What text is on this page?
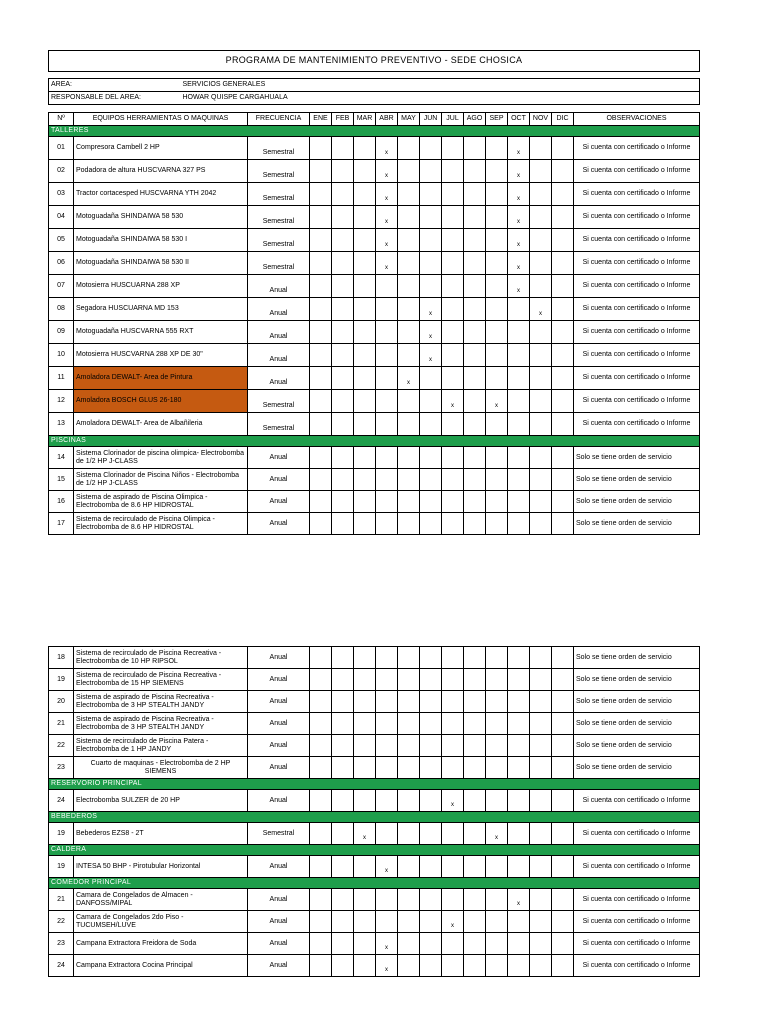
PROGRAMA DE MANTENIMIENTO PREVENTIVO - SEDE CHOSICA
AREA:	SERVICIOS GENERALES
RESPONSABLE DEL AREA:	HOWAR QUISPE CARGAHUALA
Nº	EQUIPOS HERRAMIENTAS O MAQUINAS	FRECUENCIA	ENE	FEB	MAR	ABR	MAY	JUN	JUL	AGO	SEP	OCT	NOV	DIC	OBSERVACIONES
TALLERES															
01	Compresora Cambell 2 HP	Semestral				x						x			Si cuenta con certificado o Informe
02	Podadora de altura HUSCVARNA 327 PS	Semestral				x						x			Si cuenta con certificado o Informe
03	Tractor cortacesped HUSCVARNA YTH 2042	Semestral				x						x			Si cuenta con certificado o Informe
04	Motoguadaña SHINDAIWA 58 530	Semestral				x						x			Si cuenta con certificado o Informe
05	Motoguadaña SHINDAIWA 58 530 I	Semestral				x						x			Si cuenta con certificado o Informe
06	Motoguadaña SHINDAIWA 58 530 II	Semestral				x						x			Si cuenta con certificado o Informe
07	Motosierra HUSCUARNA 288 XP	Anual										x			Si cuenta con certificado o Informe
08	Segadora HUSCUARNA MD 153	Anual						x					x		Si cuenta con certificado o Informe
09	Motoguadaña HUSCVARNA 555 RXT	Anual						x							Si cuenta con certificado o Informe
10	Motosierra HUSCVARNA 288 XP DE 30"	Anual						x							Si cuenta con certificado o Informe
11	Amoladora DEWALT- Area de Pintura	Anual					x								Si cuenta con certificado o Informe
12	Amoladora BOSCH GLUS 26-180	Semestral							x		x				Si cuenta con certificado o Informe
13	Amoladora DEWALT- Area de Albañileria	Semestral													Si cuenta con certificado o Informe
PISCINAS															
14	Sistema Clorinador de piscina olimpica- Electrobomba de 1/2 HP J-CLASS	Anual													Solo se tiene orden de servicio
15	Sistema Clorinador de Piscina Niños - Electrobomba de 1/2 HP J-CLASS	Anual													Solo se tiene orden de servicio
16	Sistema de aspirado de Piscina Olimpica - Electrobomba de 8.6 HP HIDROSTAL	Anual													Solo se tiene orden de servicio
17	Sistema de recirculado de Piscina Olimpica - Electrobomba de 8.6 HP HIDROSTAL	Anual													Solo se tiene orden de servicio
18	Sistema de recirculado de Piscina Recreativa - Electrobomba de 10 HP RIPSOL	Anual													Solo se tiene orden de servicio
19	Sistema de recirculado de Piscina Recreativa - Electrobomba de 15 HP SIEMENS	Anual													Solo se tiene orden de servicio
20	Sistema de aspirado de Piscina Recreativa - Electrobomba de 3 HP STEALTH JANDY	Anual													Solo se tiene orden de servicio
21	Sistema de aspirado de Piscina Recreativa - Electrobomba de 3 HP STEALTH JANDY	Anual													Solo se tiene orden de servicio
22	Sistema de recirculado de Piscina Patera - Electrobomba de 1 HP JANDY	Anual													Solo se tiene orden de servicio
23	Cuarto de maquinas - Electrobomba de 2 HP SIEMENS	Anual													Solo se tiene orden de servicio
RESERVORIO PRINCIPAL															
24	Electrobomba SULZER de 20 HP	Anual							x						Si cuenta con certificado o Informe
BEBEDEROS															
19	Bebederos EZS8 - 2T	Semestral			x						x				Si cuenta con certificado o Informe
CALDERA															
19	INTESA 50 BHP - Pirotubular Horizontal	Anual				x									Si cuenta con certificado o Informe
COMEDOR PRINCIPAL															
21	Camara de Congelados de Almacen - DANFOSS/MIPAL	Anual										x			Si cuenta con certificado o Informe
22	Camara de Congelados 2do Piso - TUCUMSEH/LUVE	Anual							x						Si cuenta con certificado o Informe
23	Campana Extractora Freidora de Soda	Anual				x									Si cuenta con certificado o Informe
24	Campana Extractora Cocina Principal	Anual				x									Si cuenta con certificado o Informe
